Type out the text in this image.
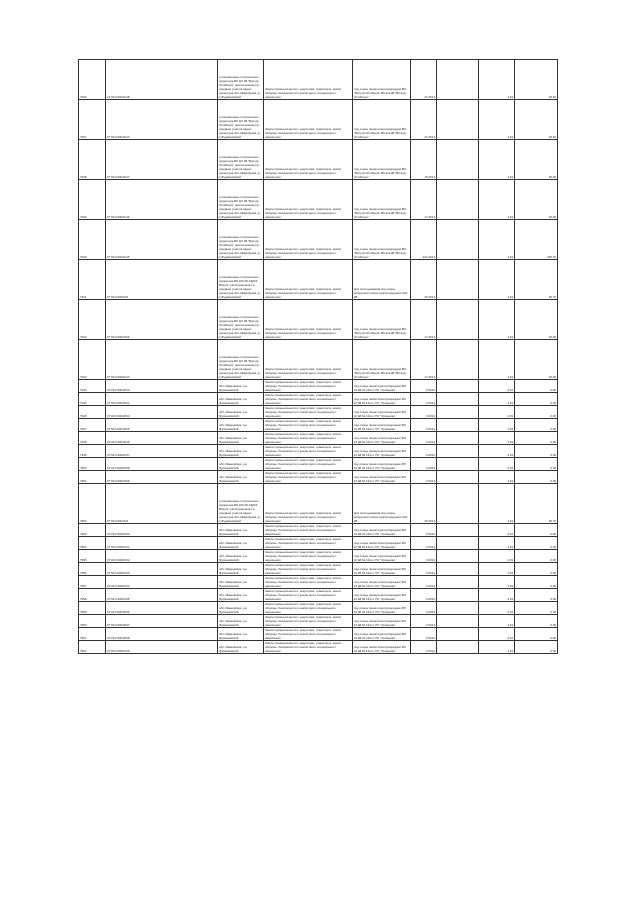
7934	27:02:0:00016:48	установленных относительно ориентира ВЛ 110 кВ "Вилуга-Октябрьск" расположенного в границах участка адрес ориентира обл. Ивановская, р-н Фурмановский	Земли промышленности, энергетики, транспорта, земли обороны, безопасности и земли иного специального назначения	под опоры линии электропередачи ВЛ "Вилуга-Октябрьск" ВЛ-110 кВ "Вилуга-Октябрьск"	31.0014		4.33	25.92
7937	37:02:0:00018:44	установленных относительно ориентира ВЛ 110 кВ "Вилуга-Октябрьск" расположенного в границах участка адрес ориентира обл. Ивановская, р-н Фурмановский	Земли промышленности, энергетики, транспорта, земли обороны, безопасности и земли иного специального назначения	под опоры линии электропередачи ВЛ "Вилуга-Октябрьск" ВЛ-110 кВ "Вилуга-Октябрьск"	31.0014		4.33	25.92
7938	37:02:0:00018:47	установленных относительно ориентира ВЛ 110 кВ "Вилуга-Октябрьск" расположенного в границах участка адрес ориентира обл. Ивановская, р-н Фурмановский	Земли промышленности, энергетики, транспорта, земли обороны, безопасности и земли иного специального назначения	под опоры линии электропередачи ВЛ "Вилуга-Октябрьск" ВЛ-110 кВ "Вилуга-Октябрьск"	15.0014		4.33	65.00
7939	37:02:0:00020:46	установленных относительно ориентира ВЛ 110 кВ "Вилуга-Октябрьск" расположенного в границах участка адрес ориентира обл. Ивановская, р-н Фурмановский	Земли промышленности, энергетики, транспорта, земли обороны, безопасности и земли иного специального назначения	под опоры линии электропередачи ВЛ "Вилуга-Октябрьск" ВЛ-110 кВ "Вилуга-Октябрьск"	17.0014		4.33	20.00
7940	37:02:0:00016:45	установленных относительно ориентира ВЛ 110 кВ "Вилуга-Октябрьск" расположенного в границах участка адрес ориентира обл. Ивановская, р-н Фурмановский	Земли промышленности, энергетики, транспорта, земли обороны, безопасности и земли иного специального назначения	под опоры линии электропередачи ВЛ "Вилуга-Октябрьск" ВЛ-110 кВ "Вилуга-Октябрьск"	-101.0014		4.33	-435.15
7941	37:02:0:00020:8	установленных относительно ориентира ВЛ-220 кВ "НКПЗ-Вилуга" расположенного в границах участка адрес ориентира обл. Ивановская, р-н Фурмановский	Земли промышленности, энергетики, транспорта, земли обороны, безопасности и земли иного специального назначения	Для использования под опоры воздушной линии электропередачи 220 кВ	26.0014		4.33	65.70
7942	37:02:0:00020:56	установленных относительно ориентира ВЛ 110 кВ "Вилуга-Октябрьск" расположенного в границах участка адрес ориентира обл. Ивановская, р-н Фурмановский	Земли промышленности, энергетики, транспорта, земли обороны, безопасности и земли иного специального назначения	под опоры линии электропередачи ВЛ "Вилуга-Октябрьск" ВЛ-110 кВ "Вилуга-Октябрьск"	17.0014		4.33	20.00
7943	37:02:0:00020:24	установленных относительно ориентира ВЛ 110 кВ "Вилуга-Октябрьск" расположенного в границах участка адрес ориентира обл. Ивановская, р-н Фурмановский	Земли промышленности, энергетики, транспорта, земли обороны, безопасности и земли иного специального назначения	под опоры линии электропередачи ВЛ "Вилуга-Октябрьск" ВЛ-110 кВ "Вилуга-Октябрьск"	17.0014		4.33	20.00
7944	37:02:0:00018:50	обл. Ивановская, р-н Фурмановский	Земли промышленности, энергетики, транспорта, земли обороны, безопасности и земли иного специального назначения	под опоры линии электропередачи ВЛ 10 кВ № 134 от ПС "Хромцово"	0.0014		4.33	0.06
7945	37:02:0:00018:51	обл. Ивановская, р-н Фурмановский	Земли промышленности, энергетики, транспорта, земли обороны, безопасности и земли иного специального назначения	под опоры линии электропередачи ВЛ 10 кВ № 134 от ПС "Хромцово"	0.0014		4.33	0.06
7946	37:02:0:00018:54	обл. Ивановская, р-н Фурмановский	Земли промышленности, энергетики, транспорта, земли обороны, безопасности и земли иного специального назначения	под опоры линии электропередачи ВЛ 10 кВ № 134 от ПС "Хромцово"	0.0014		4.33	0.06
7947	37:02:0:00018:55	обл. Ивановская, р-н Фурмановский	Земли промышленности, энергетики, транспорта, земли обороны, безопасности и земли иного специального назначения	под опоры линии электропередачи ВЛ 10 кВ № 134 от ПС "Хромцово"	0.0014		4.33	0.06
7948	37:02:0:00018:56	обл. Ивановская, р-н Фурмановский	Земли промышленности, энергетики, транспорта, земли обороны, безопасности и земли иного специального назначения	под опоры линии электропередачи ВЛ 10 кВ № 134 от ПС "Хромцово"	0.0014		4.33	0.06
7949	37:02:0:00020:57	обл. Ивановская, р-н Фурмановский	Земли промышленности, энергетики, транспорта, земли обороны, безопасности и земли иного специального назначения	под опоры линии электропередачи ВЛ 10 кВ № 134 от ПС "Хромцово"	0.0014		4.33	0.06
7950	37:02:0:00020:58	обл. Ивановская, р-н Фурмановский	Земли промышленности, энергетики, транспорта, земли обороны, безопасности и земли иного специального назначения	под опоры линии электропередачи ВЛ 10 кВ № 134 от ПС "Хромцово"	0.0014		4.33	0.06
7951	37:02:0:00020:59	обл. Ивановская, р-н Фурмановский	Земли промышленности, энергетики, транспорта, земли обороны, безопасности и земли иного специального назначения	под опоры линии электропередачи ВЛ 10 кВ № 134 от ПС "Хромцово"	0.0014		4.33	0.06
7952	37:02:0:00016:8	установленных относительно ориентира ВЛ-220 кВ "НКПЗ-Вилуга" расположенного в границах участка адрес ориентира обл. Ивановская, р-н Фурмановский	Земли промышленности, энергетики, транспорта, земли обороны, безопасности и земли иного специального назначения	Для использования под опоры воздушной линии электропередачи 220 кВ	26.0014		4.33	65.70
7953	37:02:0:00020:60	обл. Ивановская, р-н Фурмановский	Земли промышленности, энергетики, транспорта, земли обороны, безопасности и земли иного специального назначения	под опоры линии электропередачи ВЛ 10 кВ № 134 от ПС "Хромцово"	0.0014		4.33	0.06
7954	37:02:0:00020:61	обл. Ивановская, р-н Фурмановский	Земли промышленности, энергетики, транспорта, земли обороны, безопасности и земли иного специального назначения	под опоры линии электропередачи ВЛ 10 кВ № 134 от ПС "Хромцово"	0.0014		4.33	0.06
7955	37:02:0:00020:62	обл. Ивановская, р-н Фурмановский	Земли промышленности, энергетики, транспорта, земли обороны, безопасности и земли иного специального назначения	под опоры линии электропередачи ВЛ 10 кВ № 134 от ПС "Хромцово"	0.0014		4.33	0.06
7956	37:02:0:00020:63	обл. Ивановская, р-н Фурмановский	Земли промышленности, энергетики, транспорта, земли обороны, безопасности и земли иного специального назначения	под опоры линии электропередачи ВЛ 10 кВ № 134 от ПС "Хромцово"	0.0014		4.33	0.06
7957	37:02:0:00020:64	обл. Ивановская, р-н Фурмановский	Земли промышленности, энергетики, транспорта, земли обороны, безопасности и земли иного специального назначения	под опоры линии электропередачи ВЛ 10 кВ № 134 от ПС "Хромцово"	0.0014		4.33	0.06
7958	37:02:0:00020:65	обл. Ивановская, р-н Фурмановский	Земли промышленности, энергетики, транспорта, земли обороны, безопасности и земли иного специального назначения	под опоры линии электропередачи ВЛ 10 кВ № 134 от ПС "Хромцово"	0.0014		4.33	0.06
7959	37:02:0:00018:66	обл. Ивановская, р-н Фурмановский	Земли промышленности, энергетики, транспорта, земли обороны, безопасности и земли иного специального назначения	под опоры линии электропередачи ВЛ 10 кВ № 134 от ПС "Хромцово"	0.0014		4.33	0.06
7960	37:02:0:00018:67	обл. Ивановская, р-н Фурмановский	Земли промышленности, энергетики, транспорта, земли обороны, безопасности и земли иного специального назначения	под опоры линии электропередачи ВЛ 10 кВ № 134 от ПС "Хромцово"	0.0014		4.33	0.06
7961	37:02:0:00018:68	обл. Ивановская, р-н Фурмановский	Земли промышленности, энергетики, транспорта, земли обороны, безопасности и земли иного специального назначения	под опоры линии электропередачи ВЛ 10 кВ № 134 от ПС "Хромцово"	0.0014		4.33	0.06
7962	37:02:0:00020:69	обл. Ивановская, р-н Фурмановский	Земли промышленности, энергетики, транспорта, земли обороны, безопасности и земли иного специального назначения	под опоры линии электропередачи ВЛ 10 кВ № 134 от ПС "Хромцово"	0.0014		4.33	0.06
